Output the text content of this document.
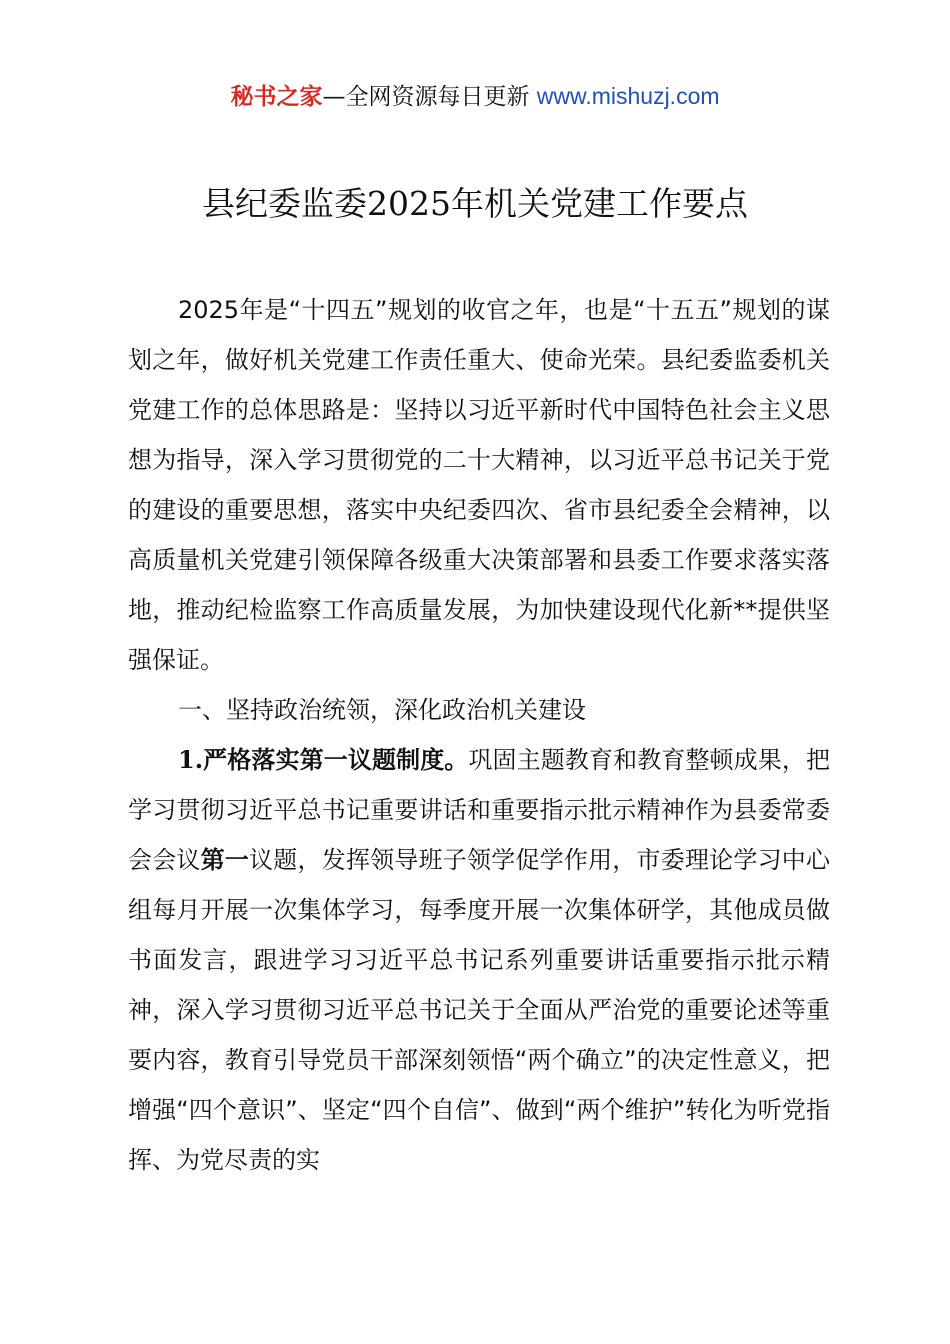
秘书之家—全网资源每日更新 www.mishuzj.com
县纪委监委2025年机关党建工作要点

2025年是“十四五”规划的收官之年，也是“十五五”规划的谋划之年，做好机关党建工作责任重大、使命光荣。县纪委监委机关党建工作的总体思路是：坚持以习近平新时代中国特色社会主义思想为指导，深入学习贯彻党的二十大精神，以习近平总书记关于党的建设的重要思想，落实中央纪委四次、省市县纪委全会精神，以高质量机关党建引领保障各级重大决策部署和县委工作要求落实落地，推动纪检监察工作高质量发展，为加快建设现代化新**提供坚强保证。

一、坚持政治统领，深化政治机关建设

1.严格落实第一议题制度。巩固主题教育和教育整顿成果，把学习贯彻习近平总书记重要讲话和重要指示批示精神作为县委常委会会议第一议题，发挥领导班子领学促学作用，市委理论学习中心组每月开展一次集体学习，每季度开展一次集体研学，其他成员做书面发言，跟进学习习近平总书记系列重要讲话重要指示批示精神，深入学习贯彻习近平总书记关于全面从严治党的重要论述等重要内容，教育引导党员干部深刻领悟“两个确立”的决定性意义，把增强“四个意识”、坚定“四个自信”、做到“两个维护”转化为听党指挥、为党尽责的实
